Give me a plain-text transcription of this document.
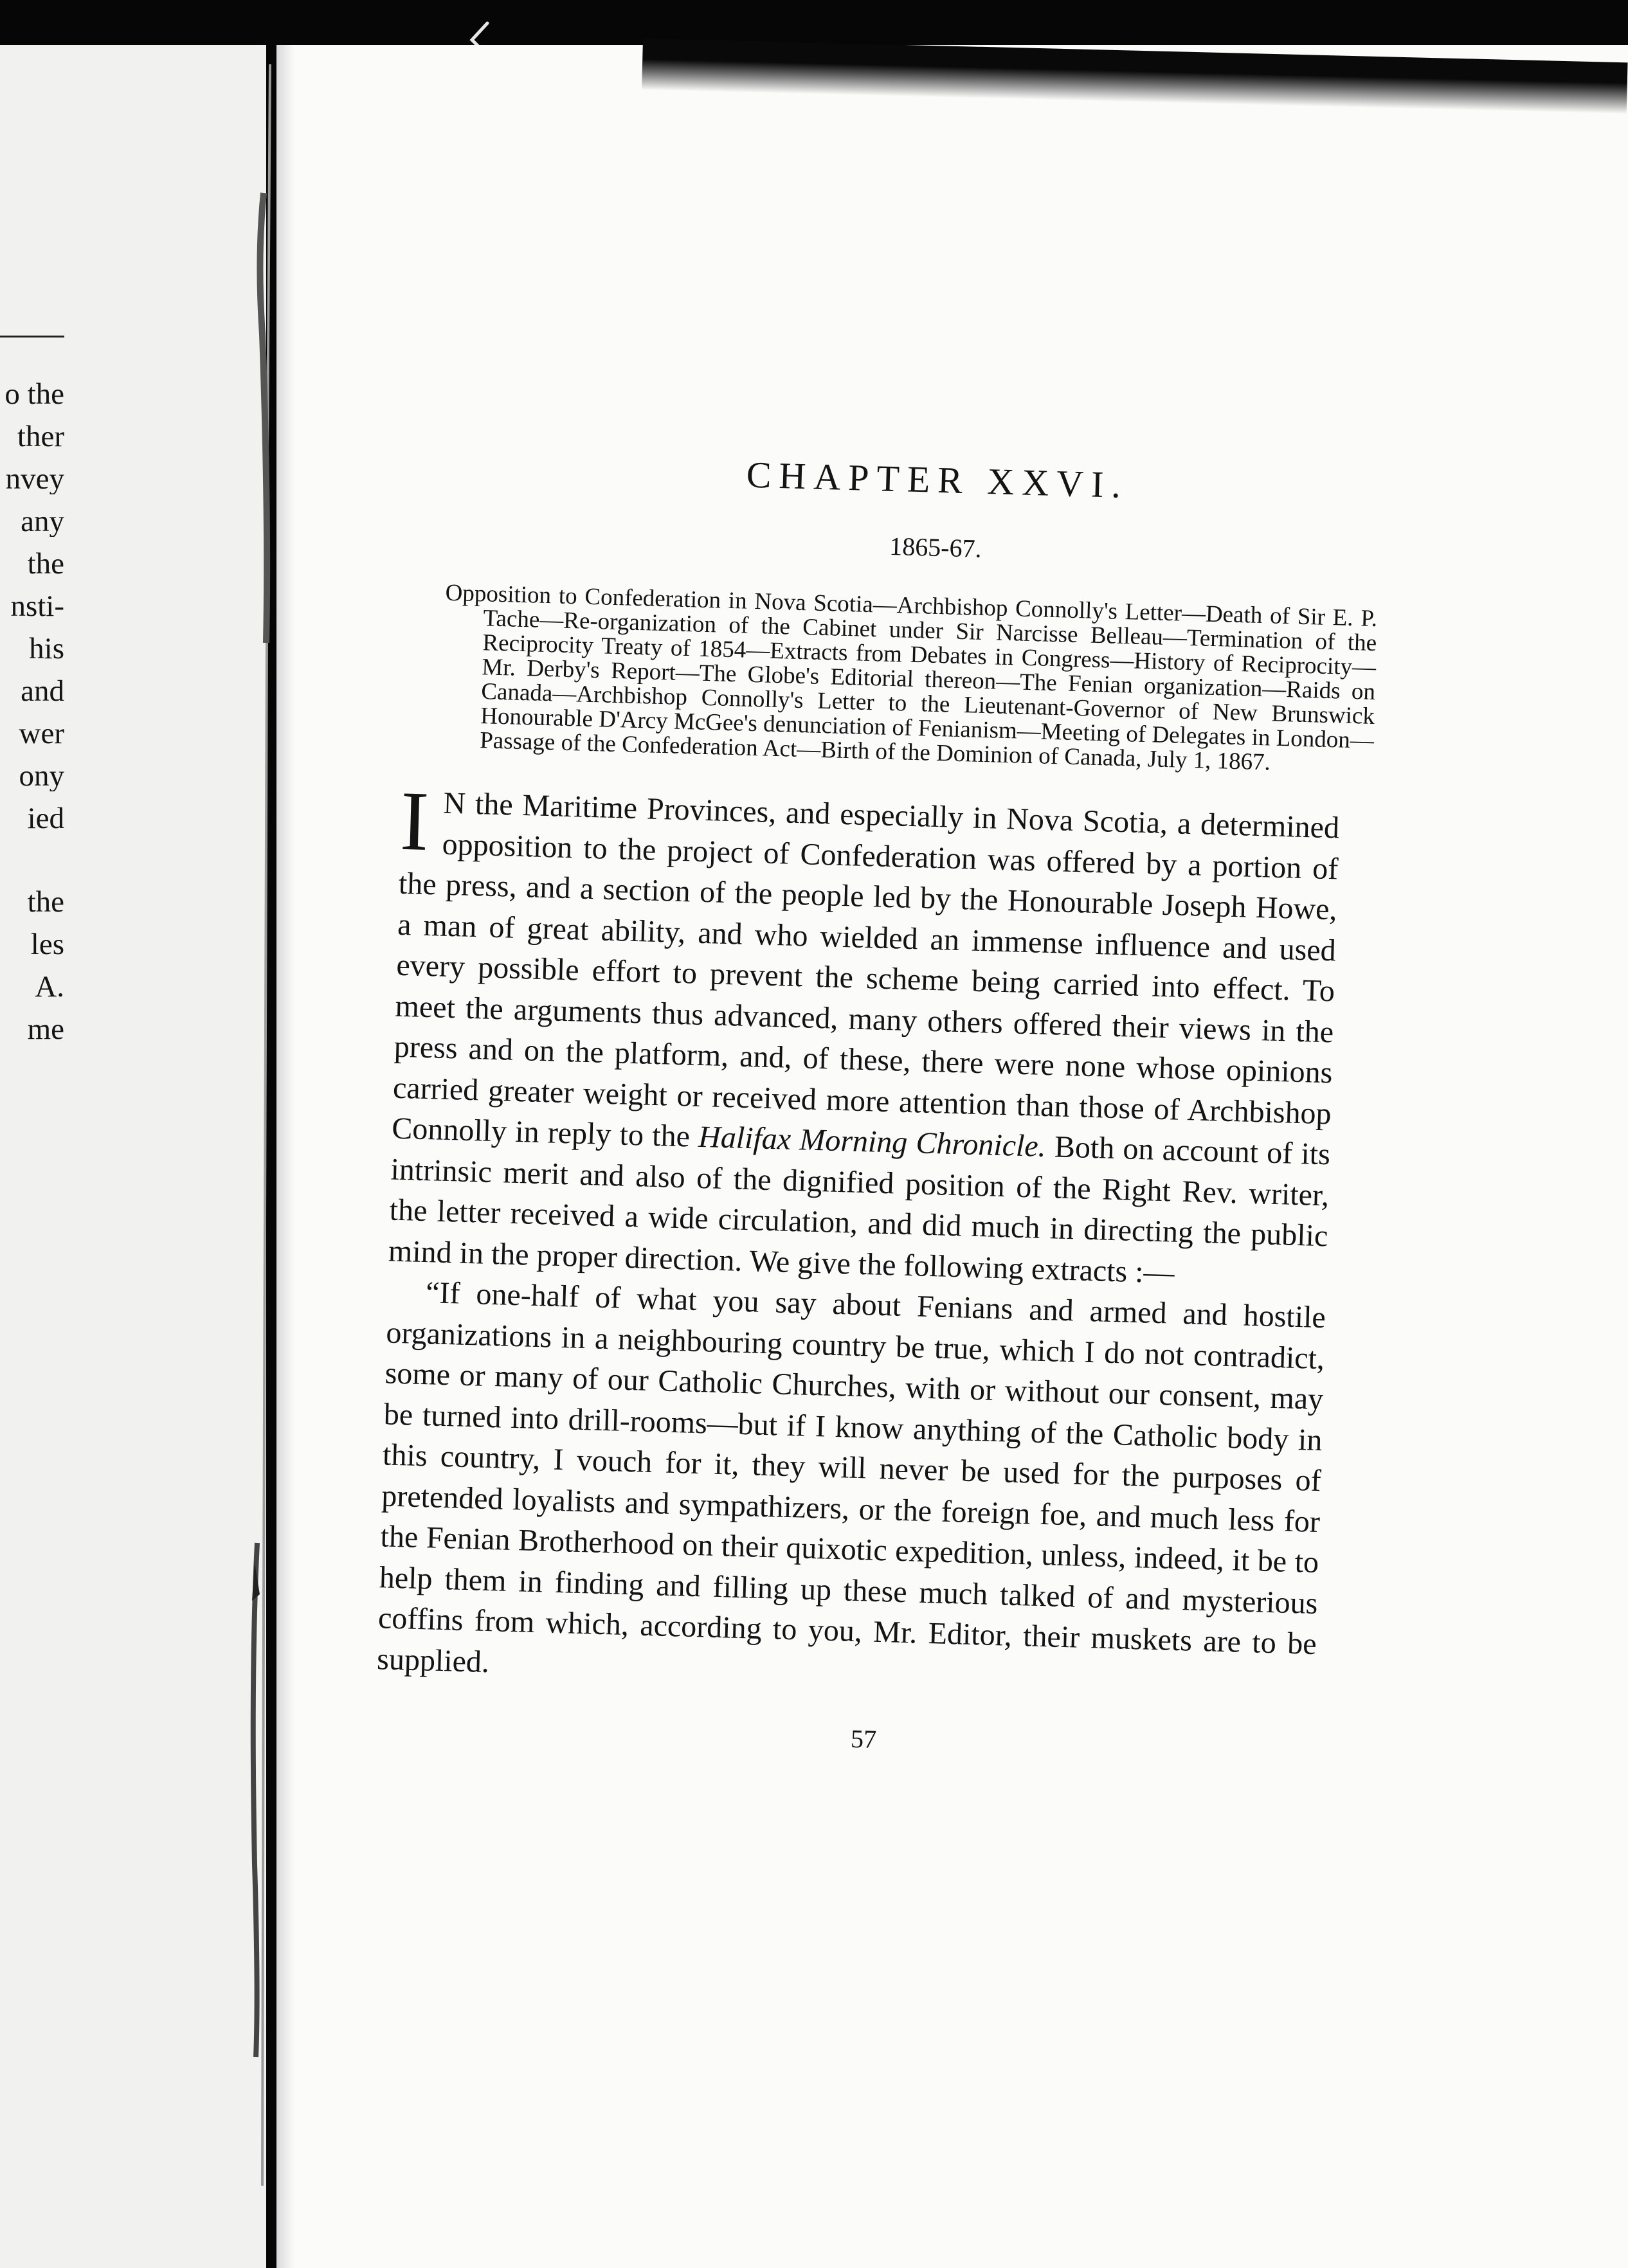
o the
ther
nvey
any
the
nsti-
his
and
wer
ony
ied
the
les
A.
me
CHAPTER XXVI.
1865-67.
Opposition to Confederation in Nova Scotia—Archbishop Connolly's Letter—Death of Sir E. P. Tache—Re-organization of the Cabinet under Sir Narcisse Belleau—Termination of the Reciprocity Treaty of 1854—Extracts from Debates in Congress—History of Reciprocity—Mr. Derby's Report—The Globe's Editorial thereon—The Fenian organization—Raids on Canada—Archbishop Connolly's Letter to the Lieutenant-Governor of New Brunswick Honourable D'Arcy McGee's denunciation of Fenianism—Meeting of Delegates in London—Passage of the Confederation Act—Birth of the Dominion of Canada, July 1, 1867.

I N the Maritime Provinces, and especially in Nova Scotia, a determined opposition to the project of Confederation was offered by a portion of the press, and a section of the people led by the Honourable Joseph Howe, a man of great ability, and who wielded an immense influence and used every possible effort to prevent the scheme being carried into effect. To meet the arguments thus advanced, many others offered their views in the press and on the platform, and, of these, there were none whose opinions carried greater weight or received more attention than those of Archbishop Connolly in reply to the Halifax Morning Chronicle. Both on account of its intrinsic merit and also of the dignified position of the Right Rev. writer, the letter received a wide circulation, and did much in directing the public mind in the proper direction. We give the following extracts :—

“If one-half of what you say about Fenians and armed and hostile organizations in a neighbouring country be true, which I do not contradict, some or many of our Catholic Churches, with or without our consent, may be turned into drill-rooms—but if I know anything of the Catholic body in this country, I vouch for it, they will never be used for the purposes of pretended loyalists and sympathizers, or the foreign foe, and much less for the Fenian Brotherhood on their quixotic expedition, unless, indeed, it be to help them in finding and filling up these much talked of and mysterious coffins from which, according to you, Mr. Editor, their muskets are to be supplied.

57
